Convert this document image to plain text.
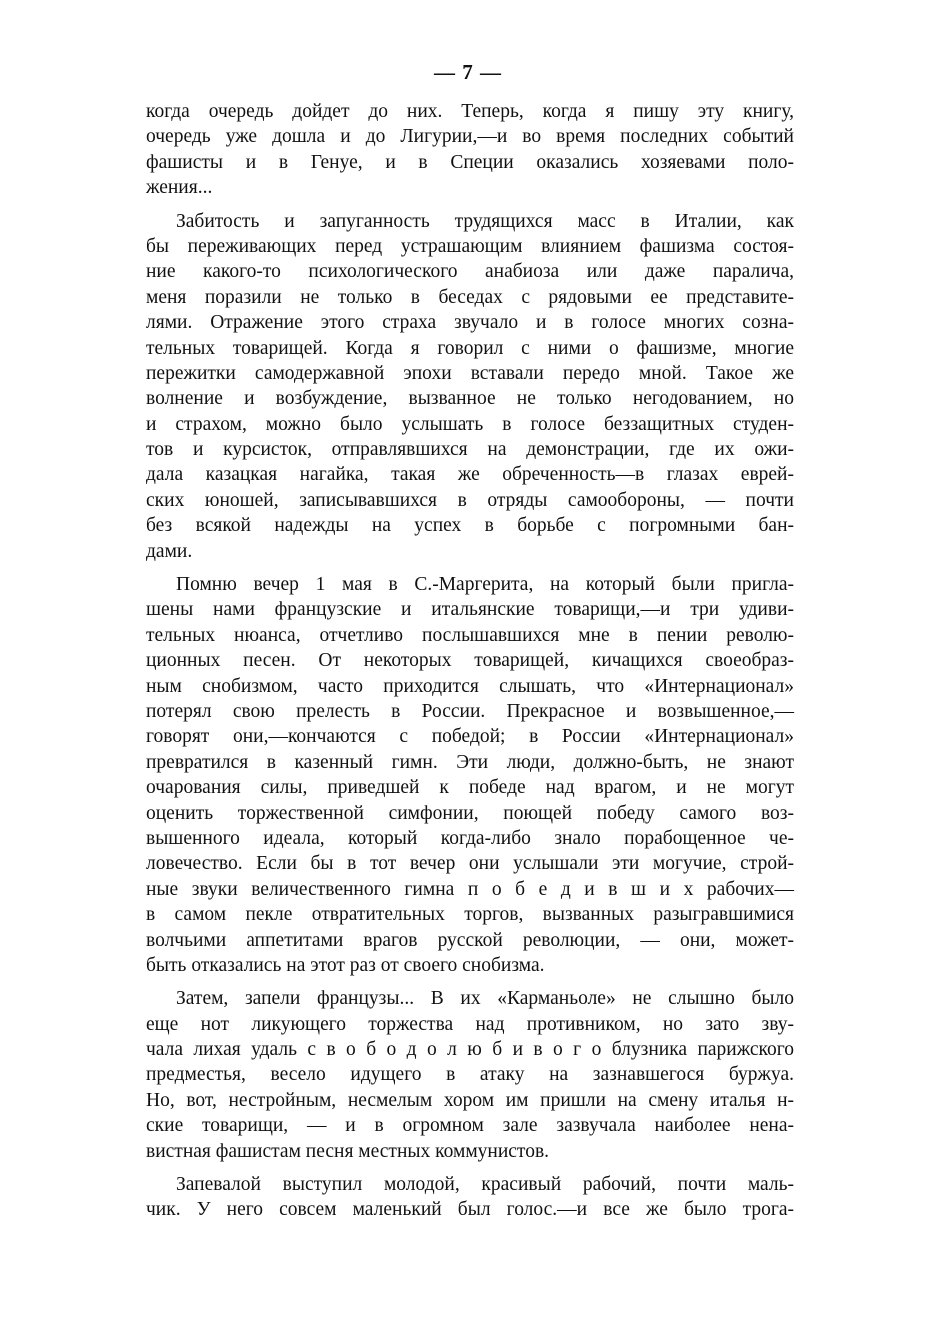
— 7 —
когда очередь дойдет до них. Теперь, когда я пишу эту книгу,
очередь уже дошла и до Лигурии,—и во время последних событий
фашисты и в Генуе, и в Специи оказались хозяевами поло-
жения...
Забитость и запуганность трудящихся масс в Италии, как
бы переживающих перед устрашающим влиянием фашизма состоя-
ние какого-то психологического анабиоза или даже паралича,
меня поразили не только в беседах с рядовыми ее представите-
лями. Отражение этого страха звучало и в голосе многих созна-
тельных товарищей. Когда я говорил с ними о фашизме, многие
пережитки самодержавной эпохи вставали передо мной. Такое же
волнение и возбуждение, вызванное не только негодованием, но
и страхом, можно было услышать в голосе беззащитных студен-
тов и курсисток, отправлявшихся на демонстрации, где их ожи-
дала казацкая нагайка, такая же обреченность—в глазах еврей-
ских юношей, записывавшихся в отряды самообороны, — почти
без всякой надежды на успех в борьбе с погромными бан-
дами.
Помню вечер 1 мая в С.-Маргерита, на который были пригла-
шены нами французские и итальянские товарищи,—и три удиви-
тельных нюанса, отчетливо послышавшихся мне в пении револю-
ционных песен. От некоторых товарищей, кичащихся своеобраз-
ным снобизмом, часто приходится слышать, что «Интернационал»
потерял свою прелесть в России. Прекрасное и возвышенное,—
говорят они,—кончаются с победой; в России «Интернационал»
превратился в казенный гимн. Эти люди, должно-быть, не знают
очарования силы, приведшей к победе над врагом, и не могут
оценить торжественной симфонии, поющей победу самого воз-
вышенного идеала, который когда-либо знало порабощенное че-
ловечество. Если бы в тот вечер они услышали эти могучие, строй-
ные звуки величественного гимна п о б е д и в ш и х рабочих—
в самом пекле отвратительных торгов, вызванных разыгравшимися
волчьими аппетитами врагов русской революции, — они, может-
быть отказались на этот раз от своего снобизма.
Затем, запели французы... В их «Карманьоле» не слышно было
еще нот ликующего торжества над противником, но зато зву-
чала лихая удаль с в о б о д о л ю б и в о г о блузника парижского
предместья, весело идущего в атаку на зазнавшегося буржуа.
Но, вот, нестройным, несмелым хором им пришли на смену италья н-
ские товарищи, — и в огромном зале зазвучала наиболее нена-
вистная фашистам песня местных коммунистов.
Запевалой выступил молодой, красивый рабочий, почти маль-
чик. У него совсем маленький был голос.—и все же было трога-
